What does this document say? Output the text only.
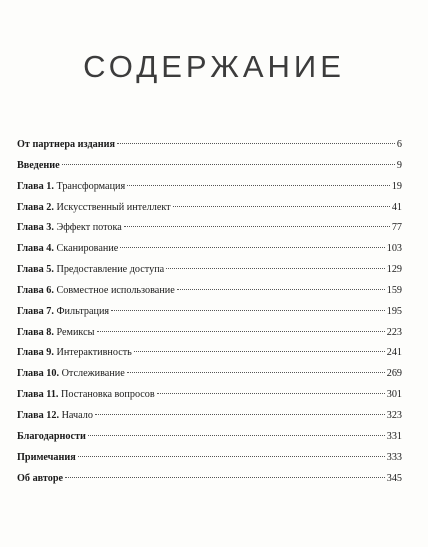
СОДЕРЖАНИЕ
От партнера издания	6
Введение	9
Глава 1. Трансформация	19
Глава 2. Искусственный интеллект	41
Глава 3. Эффект потока	77
Глава 4. Сканирование	103
Глава 5. Предоставление доступа	129
Глава 6. Совместное использование	159
Глава 7. Фильтрация	195
Глава 8. Ремиксы	223
Глава 9. Интерактивность	241
Глава 10. Отслеживание	269
Глава 11. Постановка вопросов	301
Глава 12. Начало	323
Благодарности	331
Примечания	333
Об авторе	345
